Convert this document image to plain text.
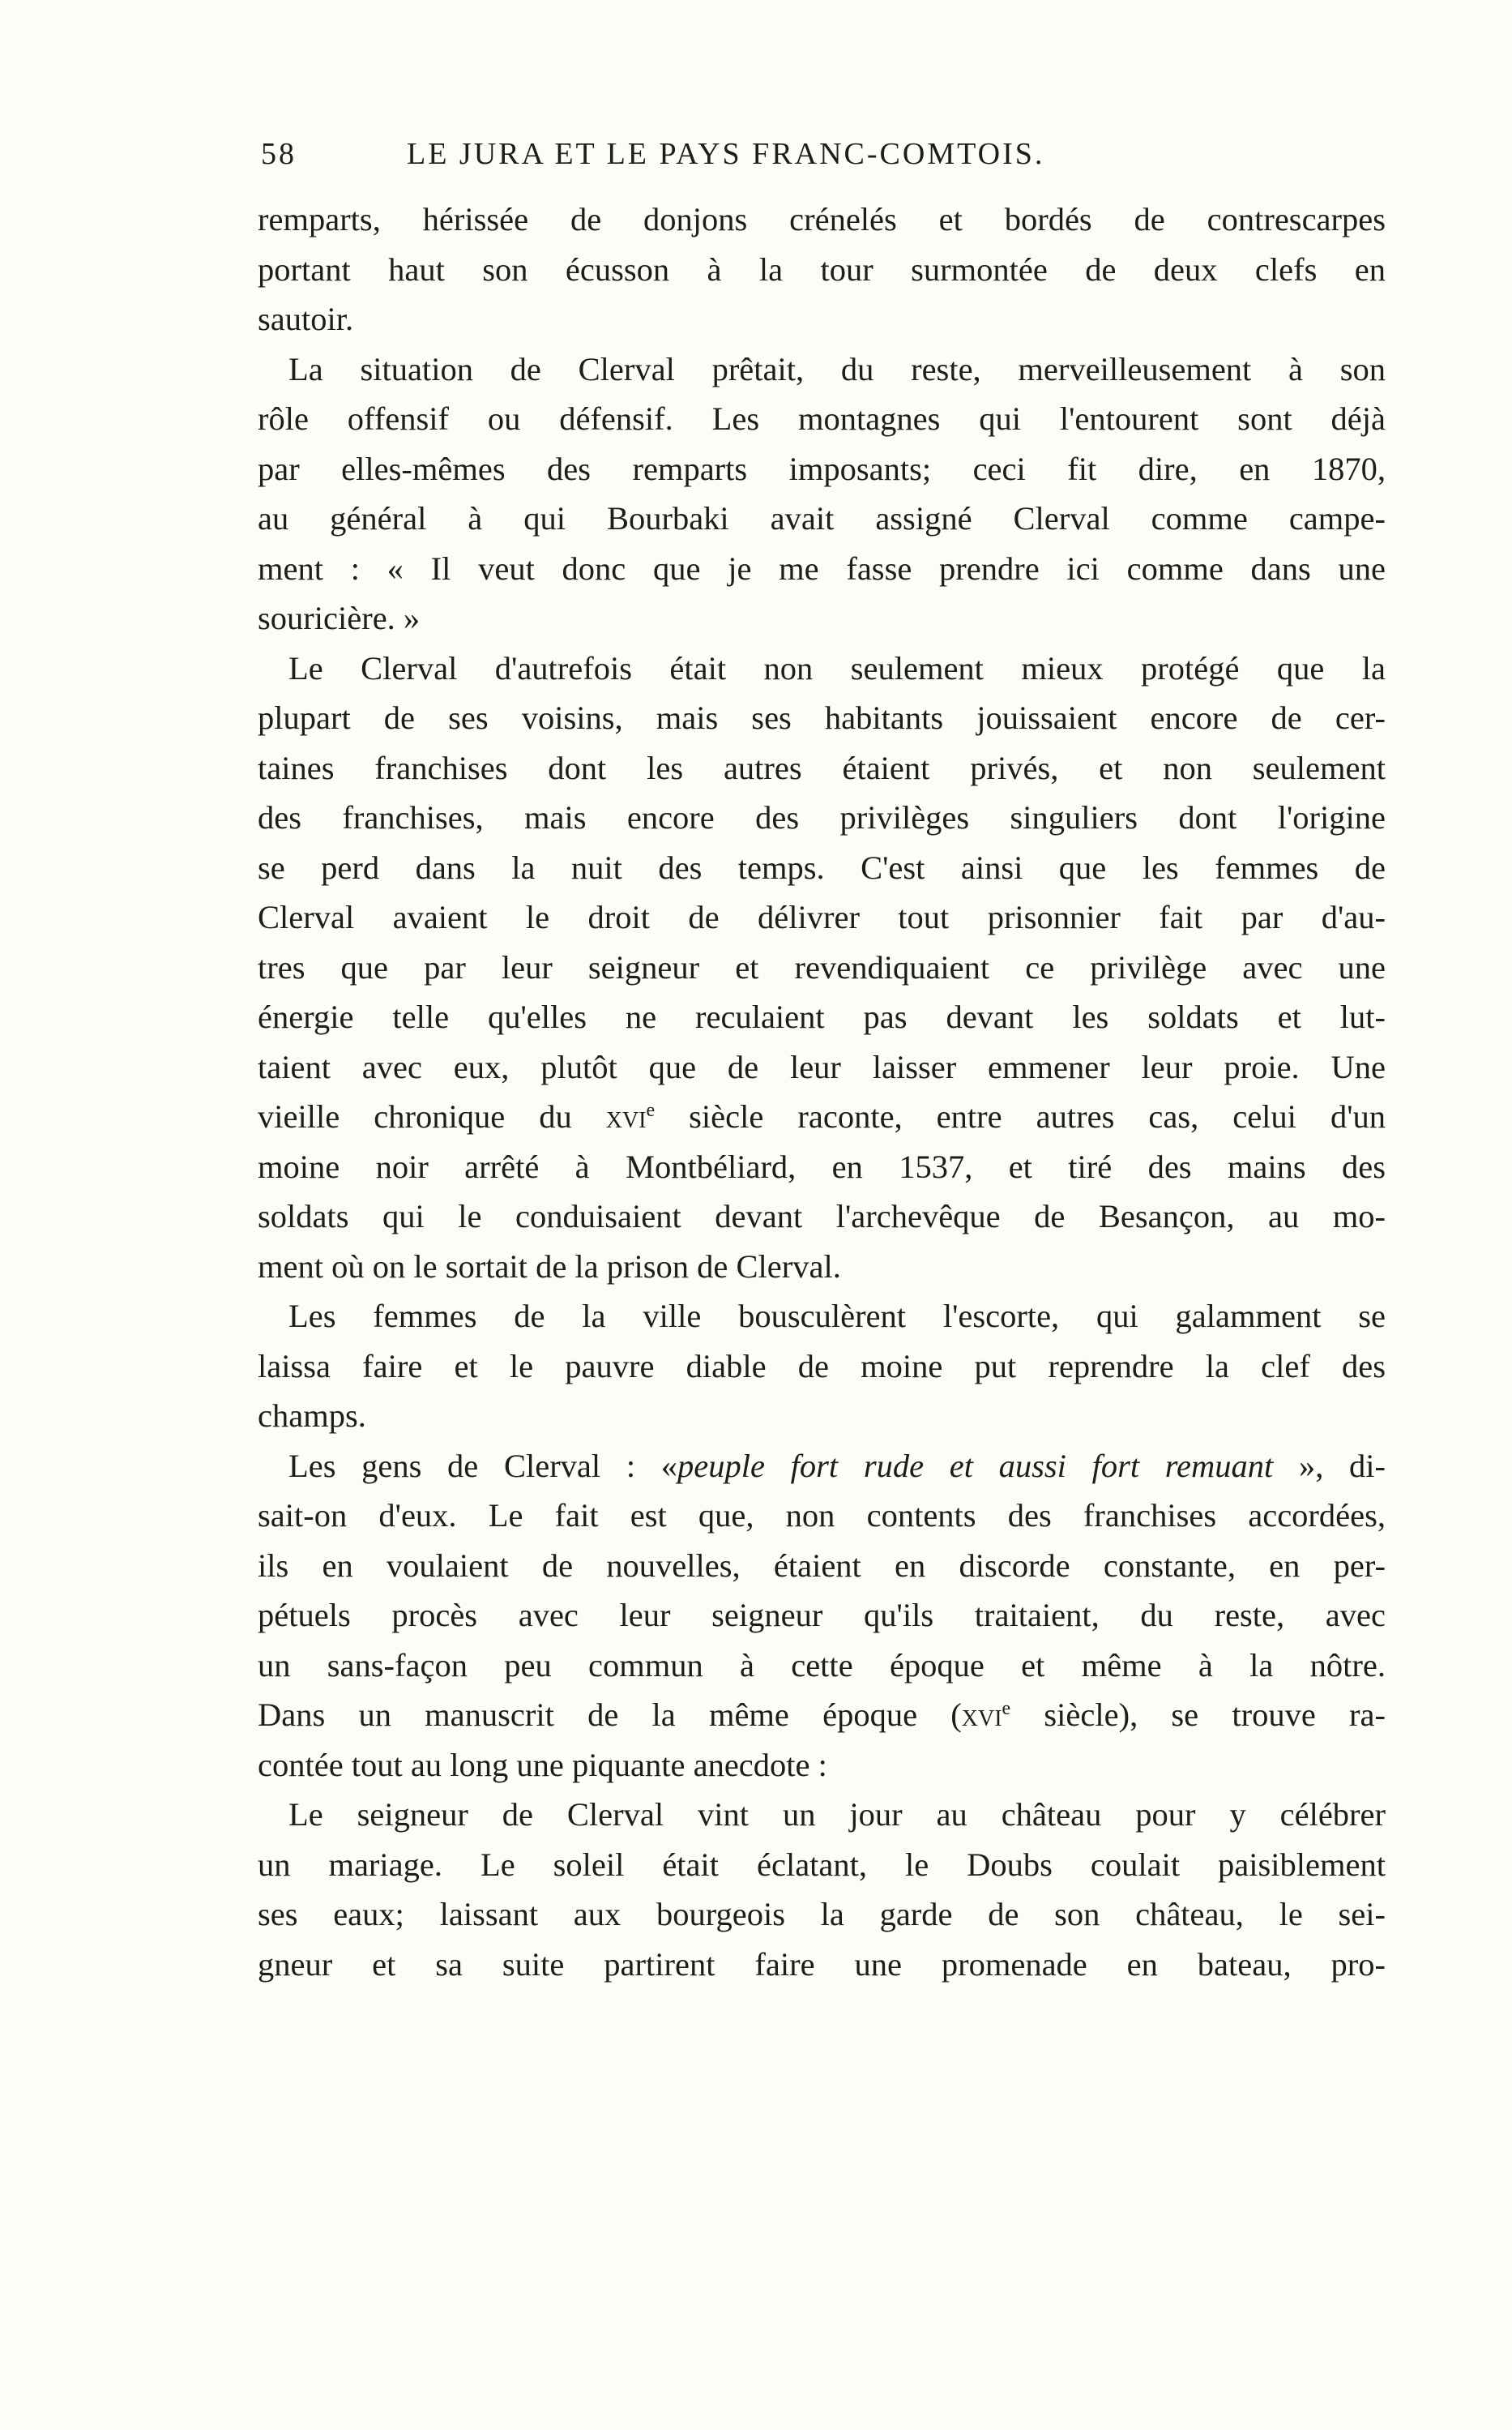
58	LE JURA ET LE PAYS FRANC-COMTOIS.
remparts, hérissée de donjons crénelés et bordés de contrescarpes
portant haut son écusson à la tour surmontée de deux clefs en
sautoir.
La situation de Clerval prêtait, du reste, merveilleusement à son
rôle offensif ou défensif. Les montagnes qui l'entourent sont déjà
par elles-mêmes des remparts imposants; ceci fit dire, en 1870,
au général à qui Bourbaki avait assigné Clerval comme campe-
ment : « Il veut donc que je me fasse prendre ici comme dans une
souricière. »
Le Clerval d'autrefois était non seulement mieux protégé que la
plupart de ses voisins, mais ses habitants jouissaient encore de cer-
taines franchises dont les autres étaient privés, et non seulement
des franchises, mais encore des privilèges singuliers dont l'origine
se perd dans la nuit des temps. C'est ainsi que les femmes de
Clerval avaient le droit de délivrer tout prisonnier fait par d'au-
tres que par leur seigneur et revendiquaient ce privilège avec une
énergie telle qu'elles ne reculaient pas devant les soldats et lut-
taient avec eux, plutôt que de leur laisser emmener leur proie. Une
vieille chronique du xvi$^e$ siècle raconte, entre autres cas, celui d'un
moine noir arrêté à Montbéliard, en 1537, et tiré des mains des
soldats qui le conduisaient devant l'archevêque de Besançon, au mo-
ment où on le sortait de la prison de Clerval.
Les femmes de la ville bousculèrent l'escorte, qui galamment se
laissa faire et le pauvre diable de moine put reprendre la clef des
champs.
Les gens de Clerval : «peuple fort rude et aussi fort remuant », di-
sait-on d'eux. Le fait est que, non contents des franchises accordées,
ils en voulaient de nouvelles, étaient en discorde constante, en per-
pétuels procès avec leur seigneur qu'ils traitaient, du reste, avec
un sans-façon peu commun à cette époque et même à la nôtre.
Dans un manuscrit de la même époque (xvi$^e$ siècle), se trouve ra-
contée tout au long une piquante anecdote :
Le seigneur de Clerval vint un jour au château pour y célébrer
un mariage. Le soleil était éclatant, le Doubs coulait paisiblement
ses eaux; laissant aux bourgeois la garde de son château, le sei-
gneur et sa suite partirent faire une promenade en bateau, pro-
